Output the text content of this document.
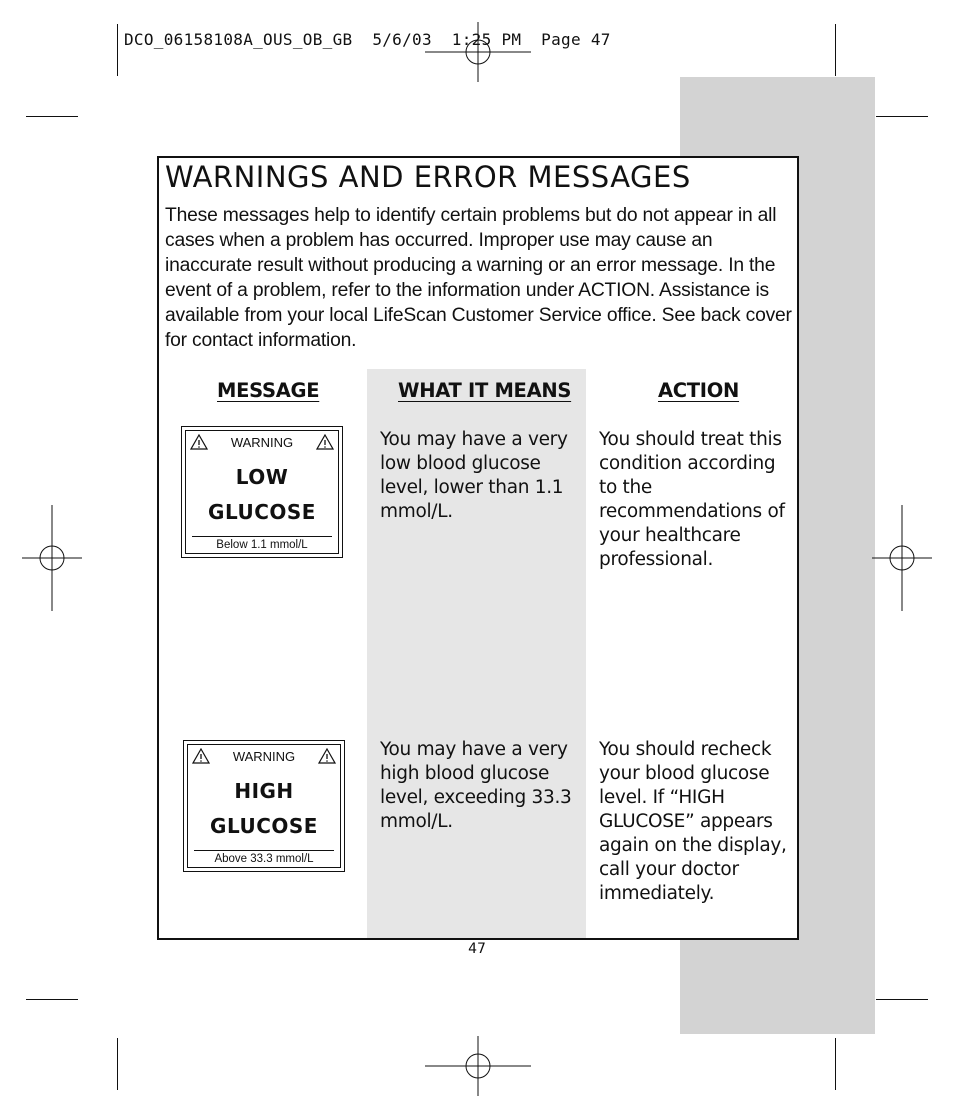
DCO_06158108A_OUS_OB_GB  5/6/03  1:25 PM  Page 47
WARNINGS AND ERROR MESSAGES
These messages help to identify certain problems but do not appear in all cases when a problem has occurred. Improper use may cause an inaccurate result without producing a warning or an error message. In the event of a problem, refer to the information under ACTION. Assistance is available from your local LifeScan Customer Service office. See back cover for contact information.
MESSAGE	WHAT IT MEANS	ACTION
WARNING
LOW
GLUCOSE
Below 1.1 mmol/L
You may have a very low blood glucose level, lower than 1.1 mmol/L.
You should treat this condition according to the recommendations of your healthcare professional.
WARNING
HIGH
GLUCOSE
Above 33.3 mmol/L
You may have a very high blood glucose level, exceeding 33.3 mmol/L.
You should recheck your blood glucose level. If “HIGH GLUCOSE” appears again on the display, call your doctor immediately.
47
